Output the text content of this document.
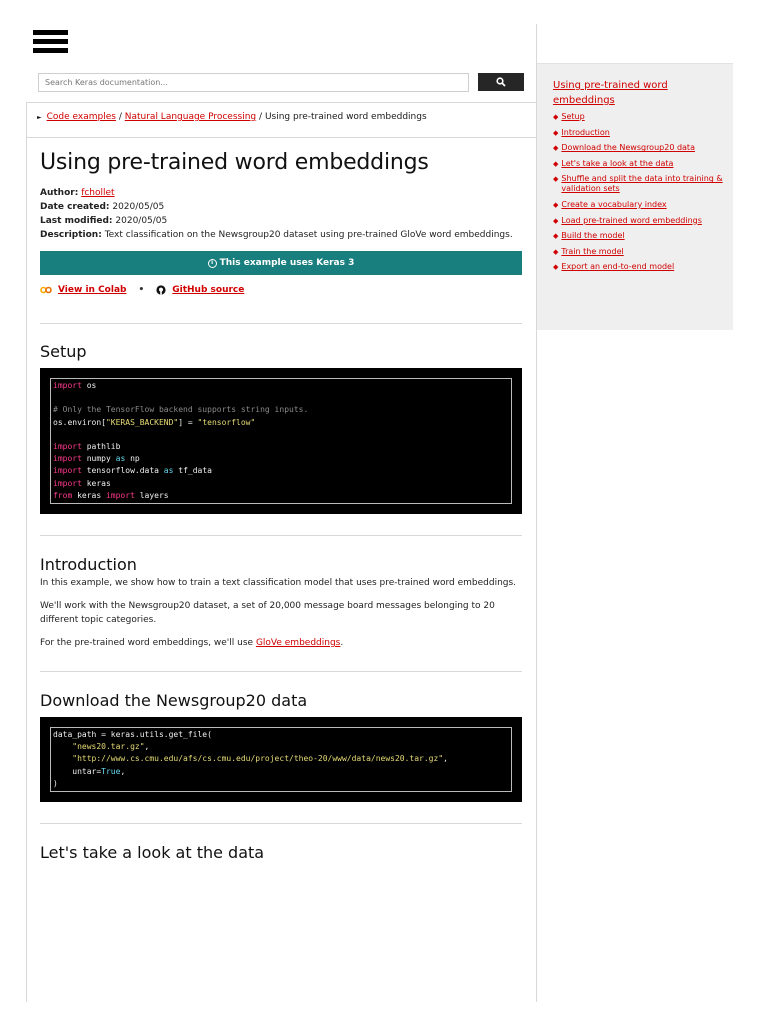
Search Keras documentation...
► Code examples / Natural Language Processing / Using pre-trained word embeddings
Using pre-trained word embeddings
Author: fchollet
Date created: 2020/05/05
Last modified: 2020/05/05
Description: Text classification on the Newsgroup20 dataset using pre-trained GloVe word embeddings.
i This example uses Keras 3
View in Colab •	GitHub source
Setup
import os

# Only the TensorFlow backend supports string inputs.
os.environ["KERAS_BACKEND"] = "tensorflow"

import pathlib
import numpy as np
import tensorflow.data as tf_data
import keras
from keras import layers
Introduction

In this example, we show how to train a text classification model that uses pre-trained word embeddings.

We'll work with the Newsgroup20 dataset, a set of 20,000 message board messages belonging to 20 different topic categories.

For the pre-trained word embeddings, we'll use GloVe embeddings.

Download the Newsgroup20 data
data_path = keras.utils.get_file(
"news20.tar.gz",
"http://www.cs.cmu.edu/afs/cs.cmu.edu/project/theo-20/www/data/news20.tar.gz",
untar=True,
)
Let's take a look at the data
Using pre-trained word embeddings
◆ Setup
◆ Introduction
◆ Download the Newsgroup20 data
◆ Let's take a look at the data
◆ Shuffle and split the data into training & validation sets
◆ Create a vocabulary index
◆ Load pre-trained word embeddings
◆ Build the model
◆ Train the model
◆ Export an end-to-end model
